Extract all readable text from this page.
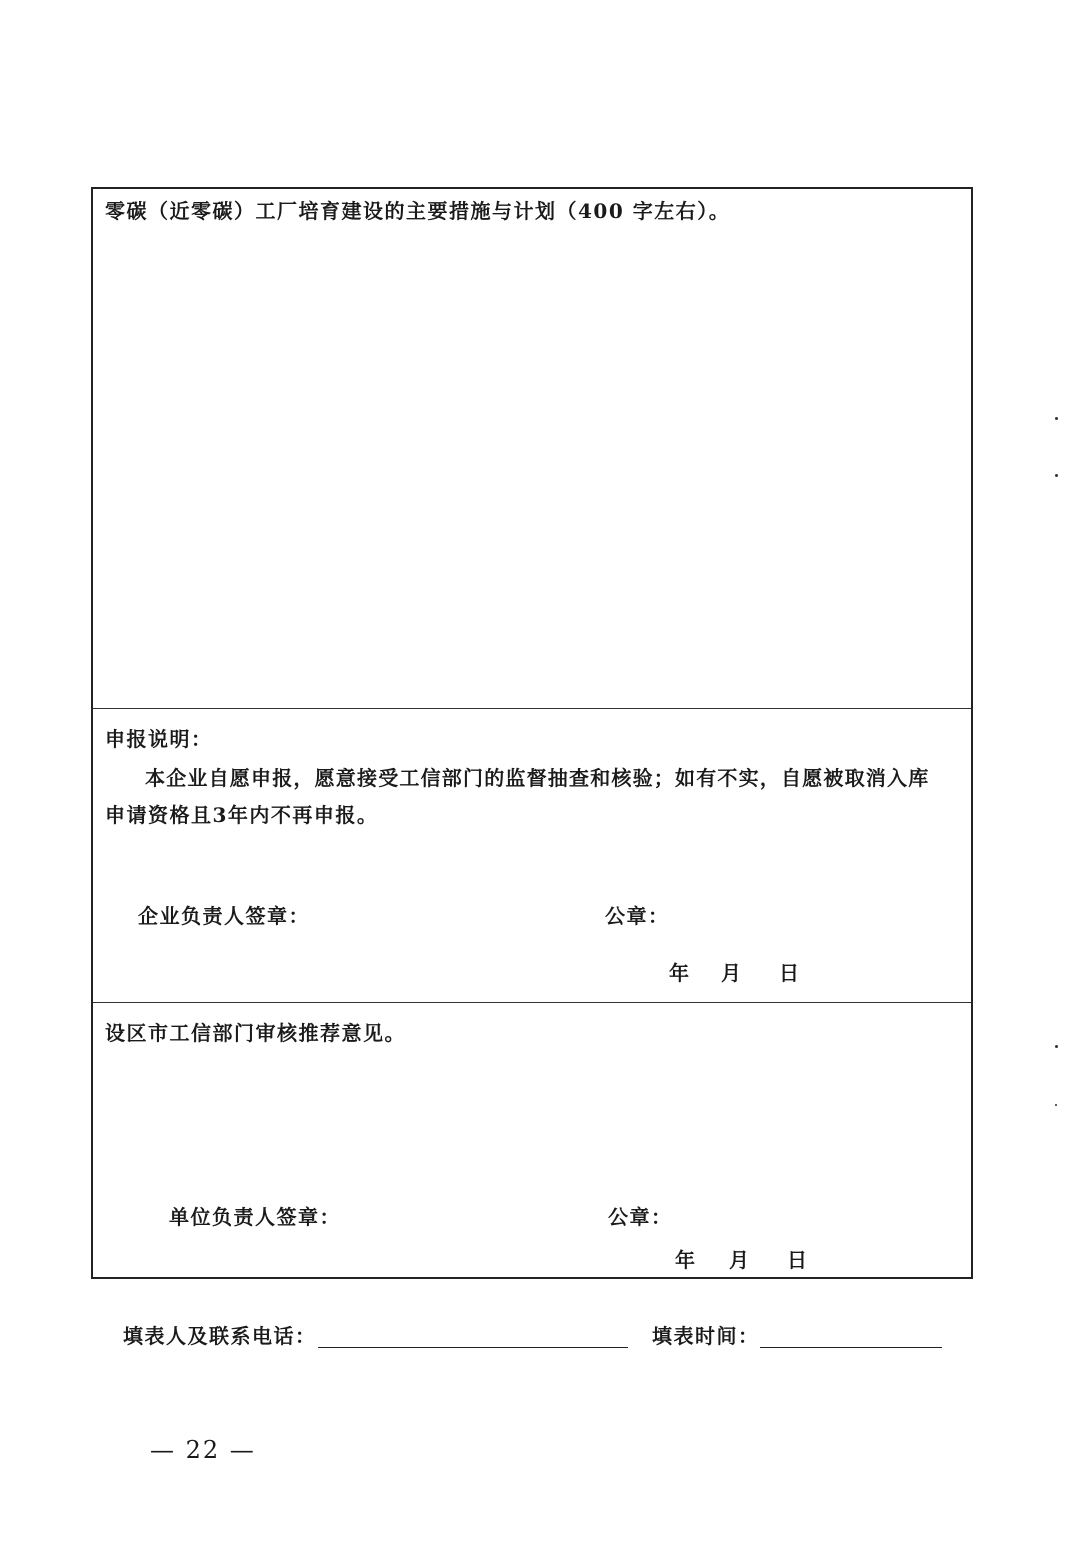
零碳（近零碳）工厂培育建设的主要措施与计划（400 字左右）。
申报说明：
本企业自愿申报，愿意接受工信部门的监督抽查和核验；如有不实，自愿被取消入库
申请资格且3年内不再申报。
企业负责人签章：	公章：
年 月 日
设区市工信部门审核推荐意见。
单位负责人签章：	公章：
年 月 日
填表人及联系电话：	填表时间：
— 22 —
